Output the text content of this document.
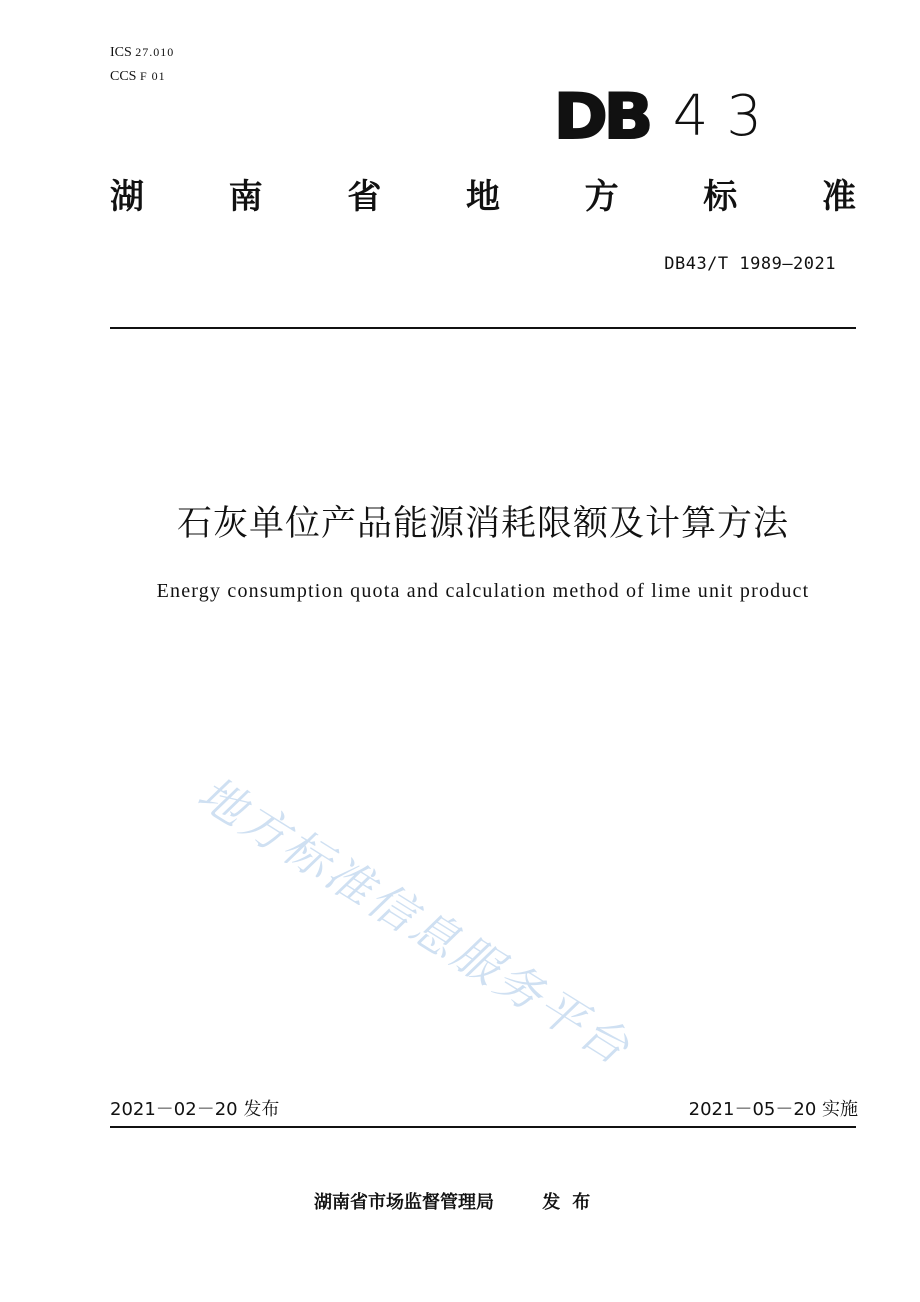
ICS 27.010
CCS F 01
DB 43
湖 南 省 地 方 标 准
DB43/T 1989—2021
石灰单位产品能源消耗限额及计算方法
Energy consumption quota and calculation method of lime unit product
地方标准信息服务平台
2021－02－20 发布	2021－05－20 实施
湖南省市场监督管理局	发布
